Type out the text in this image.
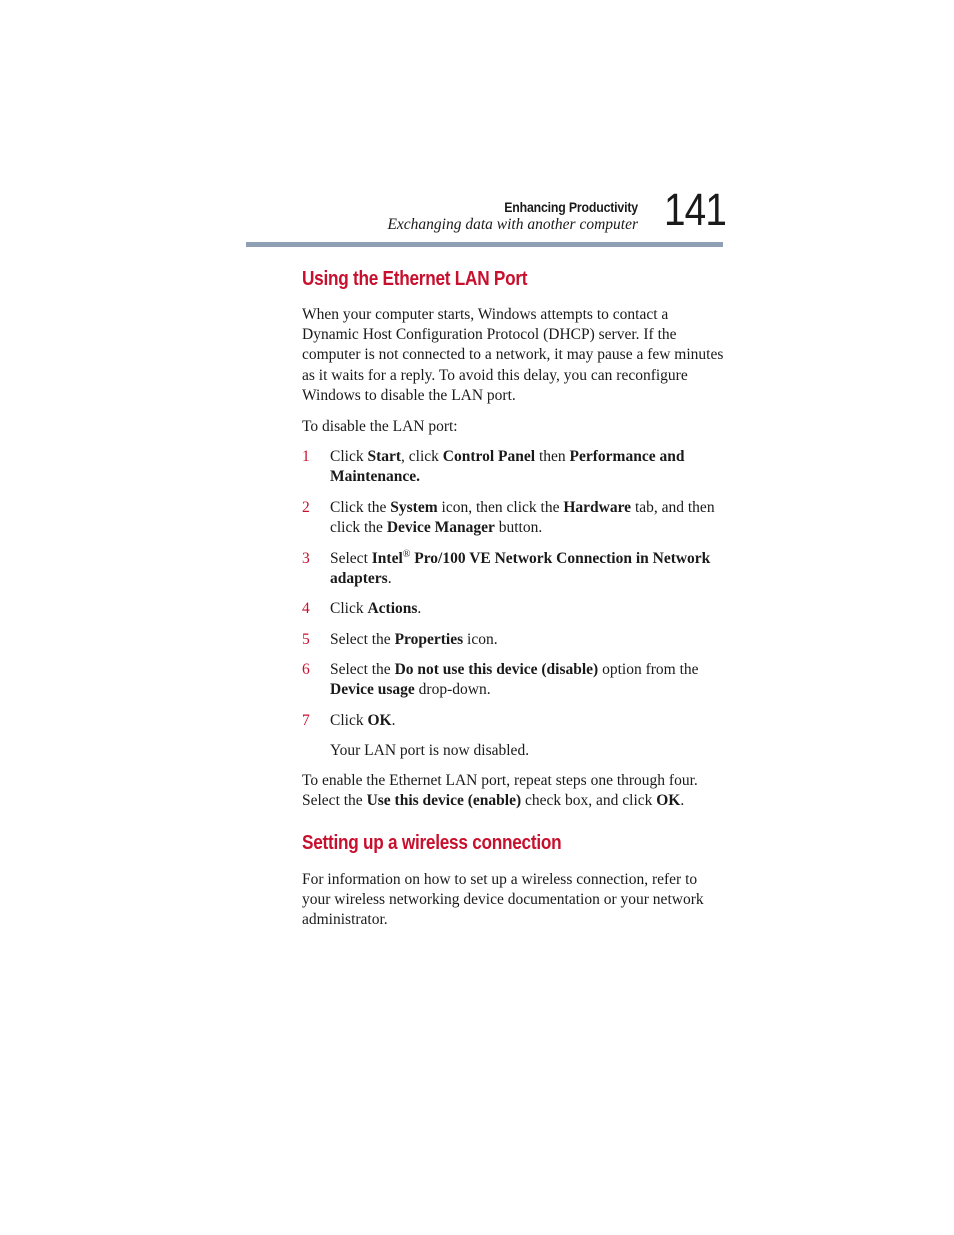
Enhancing Productivity
Exchanging data with another computer 141
Using the Ethernet LAN Port

When your computer starts, Windows attempts to contact a Dynamic Host Configuration Protocol (DHCP) server. If the computer is not connected to a network, it may pause a few minutes as it waits for a reply. To avoid this delay, you can reconfigure Windows to disable the LAN port.

To disable the LAN port:

1 Click Start, click Control Panel then Performance and Maintenance.
2 Click the System icon, then click the Hardware tab, and then click the Device Manager button.
3 Select Intel® Pro/100 VE Network Connection in Network adapters.
4 Click Actions.
5 Select the Properties icon.
6 Select the Do not use this device (disable) option from the Device usage drop-down.
7 Click OK.

Your LAN port is now disabled.

To enable the Ethernet LAN port, repeat steps one through four. Select the Use this device (enable) check box, and click OK.

Setting up a wireless connection

For information on how to set up a wireless connection, refer to your wireless networking device documentation or your network administrator.
